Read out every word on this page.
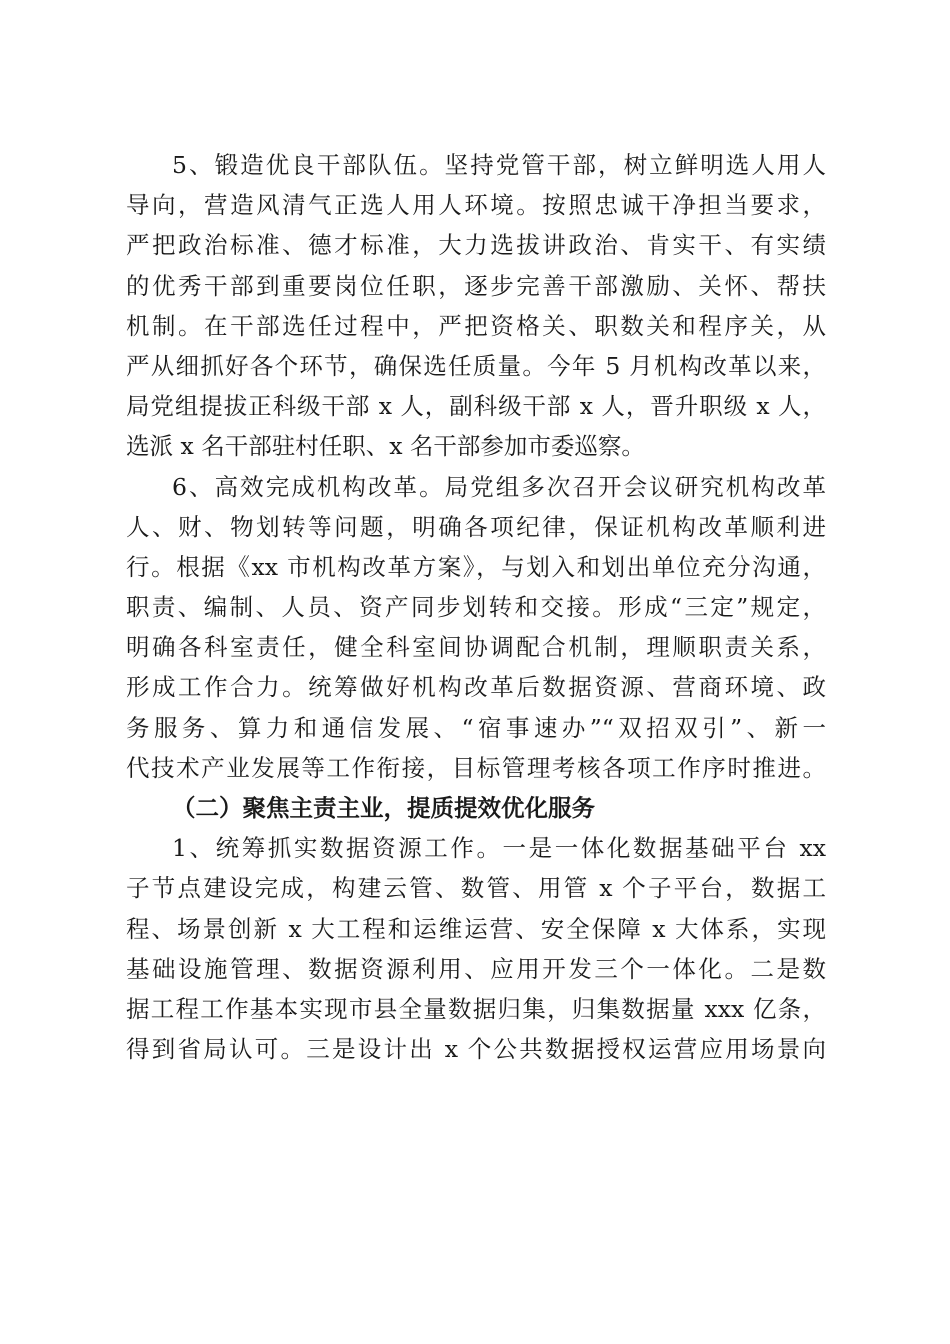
5、锻造优良干部队伍。坚持党管干部，树立鲜明选人用人
导向，营造风清气正选人用人环境。按照忠诚干净担当要求，
严把政治标准、德才标准，大力选拔讲政治、肯实干、有实绩
的优秀干部到重要岗位任职，逐步完善干部激励、关怀、帮扶
机制。在干部选任过程中，严把资格关、职数关和程序关，从
严从细抓好各个环节，确保选任质量。今年 5 月机构改革以来，
局党组提拔正科级干部 x 人，副科级干部 x 人，晋升职级 x 人，
选派 x 名干部驻村任职、x 名干部参加市委巡察。
6、高效完成机构改革。局党组多次召开会议研究机构改革
人、财、物划转等问题，明确各项纪律，保证机构改革顺利进
行。根据《xx 市机构改革方案》，与划入和划出单位充分沟通，
职责、编制、人员、资产同步划转和交接。形成“三定”规定，
明确各科室责任，健全科室间协调配合机制，理顺职责关系，
形成工作合力。统筹做好机构改革后数据资源、营商环境、政
务服务、算力和通信发展、“宿事速办”“双招双引”、新一
代技术产业发展等工作衔接，目标管理考核各项工作序时推进。
（二）聚焦主责主业，提质提效优化服务
1、统筹抓实数据资源工作。一是一体化数据基础平台 xx
子节点建设完成，构建云管、数管、用管 x 个子平台，数据工
程、场景创新 x 大工程和运维运营、安全保障 x 大体系，实现
基础设施管理、数据资源利用、应用开发三个一体化。二是数
据工程工作基本实现市县全量数据归集，归集数据量 xxx 亿条，
得到省局认可。三是设计出 x 个公共数据授权运营应用场景向
